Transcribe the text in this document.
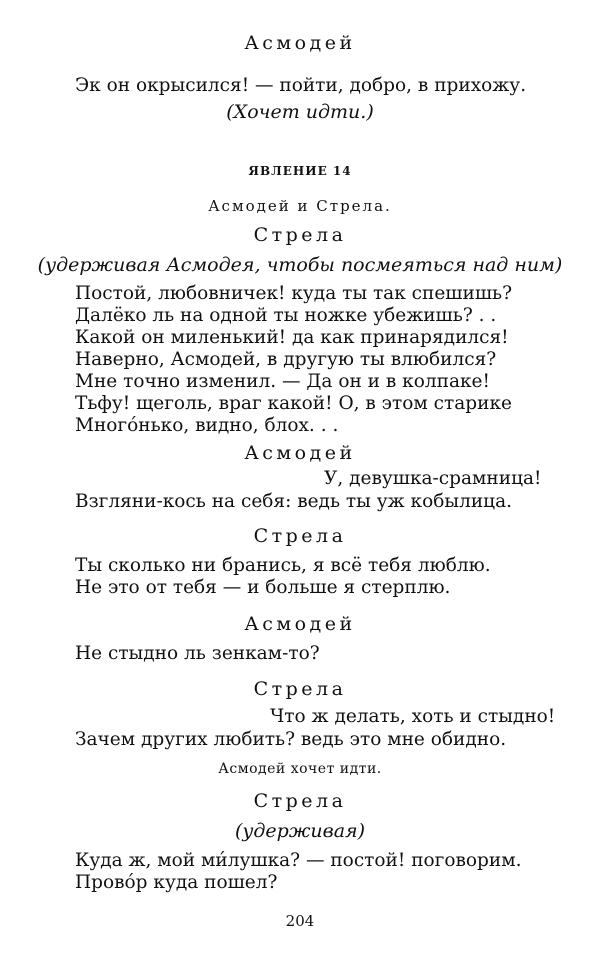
Асмодей
Эк он окрысился! — пойти, добро, в прихожу.
(Хочет идти.)
ЯВЛЕНИЕ 14
Асмодей и Стрела.
Стрела
(удерживая Асмодея, чтобы посмеяться над ним)
Постой, любовничек! куда ты так спешишь?
Далёко ль на одной ты ножке убежишь? . .
Какой он миленький! да как принарядился!
Наверно, Асмодей, в другую ты влюбился?
Мне точно изменил. — Да он и в колпаке!
Тьфу! щеголь, враг какой! О, в этом старике
Многóнько, видно, блох. . .
Асмодей
У, девушка-срамница!
Взгляни-кось на себя: ведь ты уж кобылица.
Стрела
Ты сколько ни бранись, я всё тебя люблю.
Не это от тебя — и больше я стерплю.
Асмодей
Не стыдно ль зенкам-то?
Стрела
Что ж делать, хоть и стыдно!
Зачем других любить? ведь это мне обидно.
Асмодей хочет идти.
Стрела
(удерживая)
Куда ж, мой ми́лушка? — постой! поговорим.
Провóр куда пошел?
204
